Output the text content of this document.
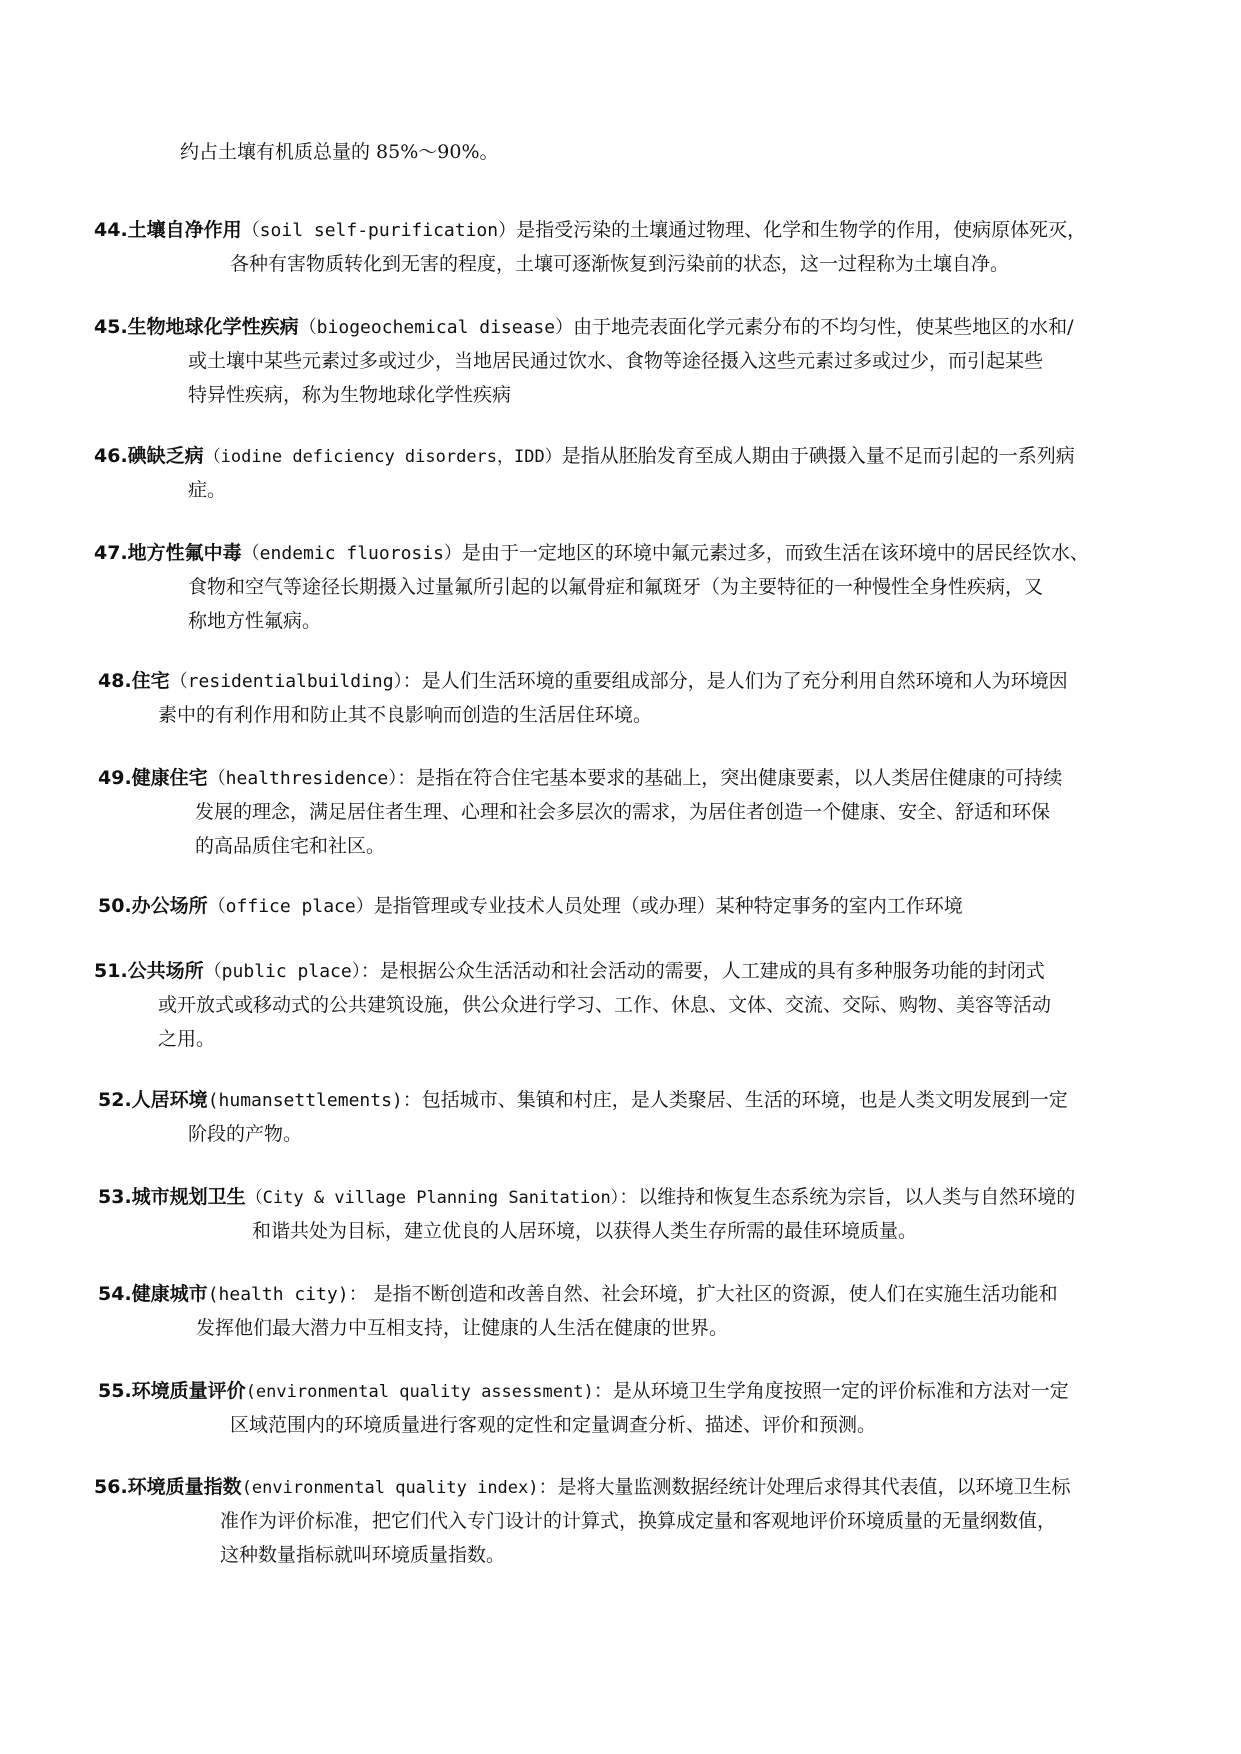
约占土壤有机质总量的 85%～90%。
44.土壤自净作用（soil self-purification）是指受污染的土壤通过物理、化学和生物学的作用，使病原体死灭，
各种有害物质转化到无害的程度，土壤可逐渐恢复到污染前的状态，这一过程称为土壤自净。
45.生物地球化学性疾病（biogeochemical disease）由于地壳表面化学元素分布的不均匀性，使某些地区的水和/
或土壤中某些元素过多或过少，当地居民通过饮水、食物等途径摄入这些元素过多或过少，而引起某些
特异性疾病，称为生物地球化学性疾病
46.碘缺乏病（iodine deficiency disorders，IDD）是指从胚胎发育至成人期由于碘摄入量不足而引起的一系列病
症。
47.地方性氟中毒（endemic fluorosis）是由于一定地区的环境中氟元素过多，而致生活在该环境中的居民经饮水、
食物和空气等途径长期摄入过量氟所引起的以氟骨症和氟斑牙（为主要特征的一种慢性全身性疾病，又
称地方性氟病。
48.住宅（residentialbuilding）：是人们生活环境的重要组成部分，是人们为了充分利用自然环境和人为环境因
素中的有利作用和防止其不良影响而创造的生活居住环境。
49.健康住宅（healthresidence）：是指在符合住宅基本要求的基础上，突出健康要素，以人类居住健康的可持续
发展的理念，满足居住者生理、心理和社会多层次的需求，为居住者创造一个健康、安全、舒适和环保
的高品质住宅和社区。
50.办公场所（office place）是指管理或专业技术人员处理（或办理）某种特定事务的室内工作环境
51.公共场所（public place）：是根据公众生活活动和社会活动的需要，人工建成的具有多种服务功能的封闭式
或开放式或移动式的公共建筑设施，供公众进行学习、工作、休息、文体、交流、交际、购物、美容等活动
之用。
52.人居环境(humansettlements)：包括城市、集镇和村庄，是人类聚居、生活的环境，也是人类文明发展到一定
阶段的产物。
53.城市规划卫生（City & village Planning Sanitation）：以维持和恢复生态系统为宗旨，以人类与自然环境的
和谐共处为目标，建立优良的人居环境，以获得人类生存所需的最佳环境质量。
54.健康城市(health city)： 是指不断创造和改善自然、社会环境，扩大社区的资源，使人们在实施生活功能和
发挥他们最大潜力中互相支持，让健康的人生活在健康的世界。
55.环境质量评价(environmental quality assessment)：是从环境卫生学角度按照一定的评价标准和方法对一定
区域范围内的环境质量进行客观的定性和定量调查分析、描述、评价和预测。
56.环境质量指数(environmental quality index)：是将大量监测数据经统计处理后求得其代表值，以环境卫生标
准作为评价标准，把它们代入专门设计的计算式，换算成定量和客观地评价环境质量的无量纲数值，
这种数量指标就叫环境质量指数。
